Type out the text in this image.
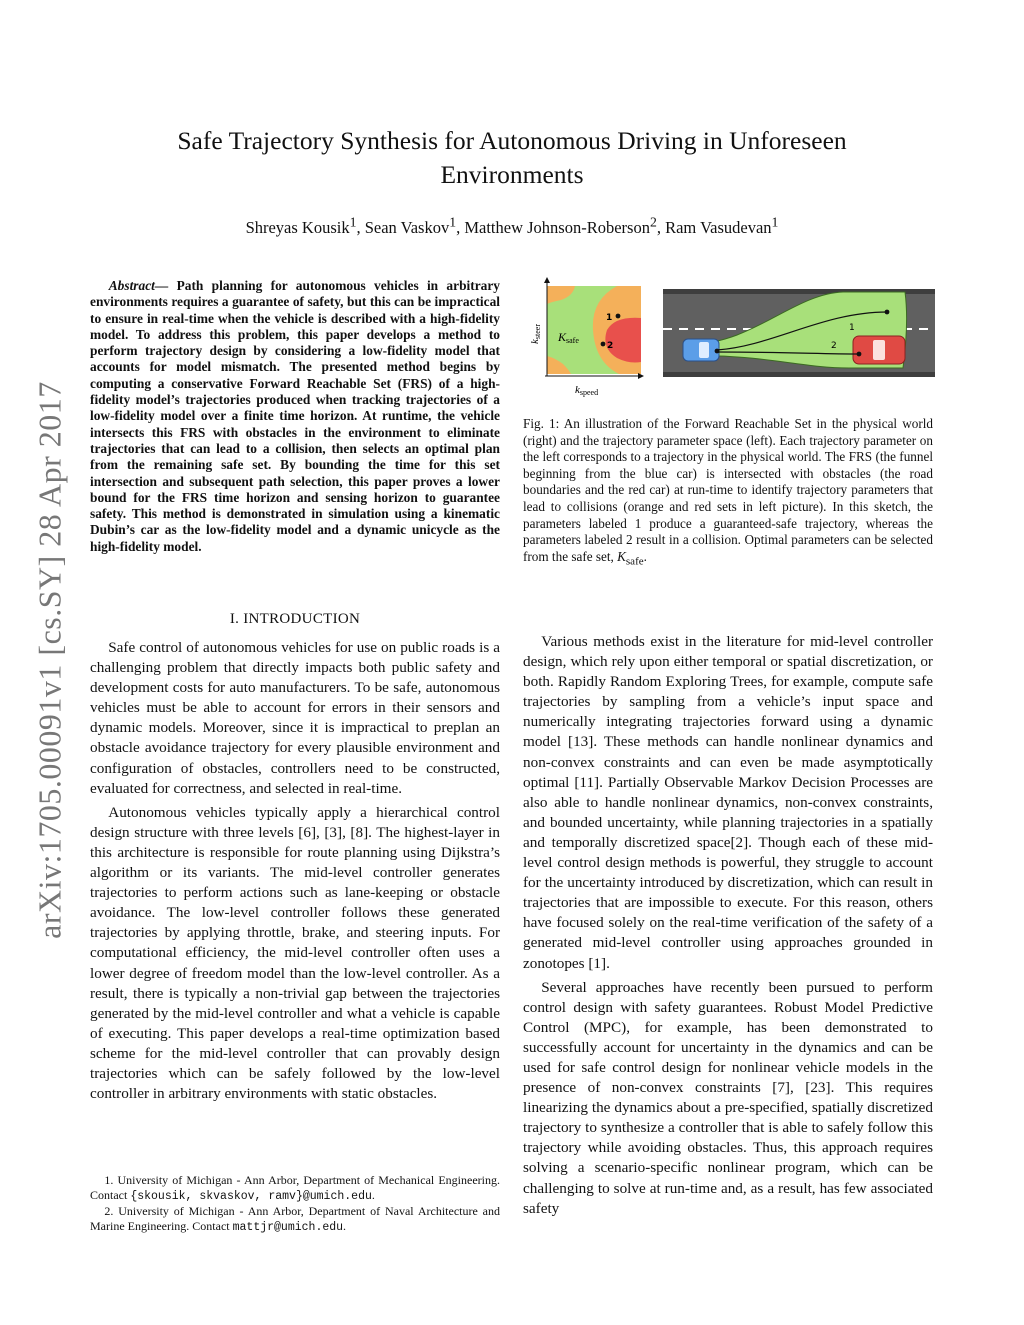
Safe Trajectory Synthesis for Autonomous Driving in Unforeseen Environments
Shreyas Kousik$^1$, Sean Vaskov$^1$, Matthew Johnson-Roberson$^2$, Ram Vasudevan$^1$
arXiv:1705.00091v1 [cs.SY] 28 Apr 2017
Abstract— Path planning for autonomous vehicles in arbitrary environments requires a guarantee of safety, but this can be impractical to ensure in real-time when the vehicle is described with a high-fidelity model. To address this problem, this paper develops a method to perform trajectory design by considering a low-fidelity model that accounts for model mismatch. The presented method begins by computing a conservative Forward Reachable Set (FRS) of a high-fidelity model’s trajectories produced when tracking trajectories of a low-fidelity model over a finite time horizon. At runtime, the vehicle intersects this FRS with obstacles in the environment to eliminate trajectories that can lead to a collision, then selects an optimal plan from the remaining safe set. By bounding the time for this set intersection and subsequent path selection, this paper proves a lower bound for the FRS time horizon and sensing horizon to guarantee safety. This method is demonstrated in simulation using a kinematic Dubin’s car as the low-fidelity model and a dynamic unicycle as the high-fidelity model.
I. INTRODUCTION

Safe control of autonomous vehicles for use on public roads is a challenging problem that directly impacts both public safety and development costs for auto manufacturers. To be safe, autonomous vehicles must be able to account for errors in their sensors and dynamic models. Moreover, since it is impractical to preplan an obstacle avoidance trajectory for every plausible environment and configuration of obstacles, controllers need to be constructed, evaluated for correctness, and selected in real-time.

Autonomous vehicles typically apply a hierarchical control design structure with three levels [6], [3], [8]. The highest-layer in this architecture is responsible for route planning using Dijkstra’s algorithm or its variants. The mid-level controller generates trajectories to perform actions such as lane-keeping or obstacle avoidance. The low-level controller follows these generated trajectories by applying throttle, brake, and steering inputs. For computational efficiency, the mid-level controller often uses a lower degree of freedom model than the low-level controller. As a result, there is typically a non-trivial gap between the trajectories generated by the mid-level controller and what a vehicle is capable of executing. This paper develops a real-time optimization based scheme for the mid-level controller that can provably design trajectories which can be safely followed by the low-level controller in arbitrary environments with static obstacles.

1. University of Michigan - Ann Arbor, Department of Mechanical Engineering. Contact {skousik, skvaskov, ramv}@umich.edu.

2. University of Michigan - Ann Arbor, Department of Naval Architecture and Marine Engineering. Contact mattjr@umich.edu.

1
2
Ksafe
ksteer
kspeed
1
2
Fig. 1: An illustration of the Forward Reachable Set in the physical world (right) and the trajectory parameter space (left). Each trajectory parameter on the left corresponds to a trajectory in the physical world. The FRS (the funnel beginning from the blue car) is intersected with obstacles (the road boundaries and the red car) at run-time to identify trajectory parameters that lead to collisions (orange and red sets in left picture). In this sketch, the parameters labeled 1 produce a guaranteed-safe trajectory, whereas the parameters labeled 2 result in a collision. Optimal parameters can be selected from the safe set, $K_{safe}$.

Various methods exist in the literature for mid-level controller design, which rely upon either temporal or spatial discretization, or both. Rapidly Random Exploring Trees, for example, compute safe trajectories by sampling from a vehicle’s input space and numerically integrating trajectories forward using a dynamic model [13]. These methods can handle nonlinear dynamics and non-convex constraints and can even be made asymptotically optimal [11]. Partially Observable Markov Decision Processes are also able to handle nonlinear dynamics, non-convex constraints, and bounded uncertainty, while planning trajectories in a spatially and temporally discretized space[2]. Though each of these mid-level control design methods is powerful, they struggle to account for the uncertainty introduced by discretization, which can result in trajectories that are impossible to execute. For this reason, others have focused solely on the real-time verification of the safety of a generated mid-level controller using approaches grounded in zonotopes [1].

Several approaches have recently been pursued to perform control design with safety guarantees. Robust Model Predictive Control (MPC), for example, has been demonstrated to successfully account for uncertainty in the dynamics and can be used for safe control design for nonlinear vehicle models in the presence of non-convex constraints [7], [23]. This requires linearizing the dynamics about a pre-specified, spatially discretized trajectory to synthesize a controller that is able to safely follow this trajectory while avoiding obstacles. Thus, this approach requires solving a scenario-specific nonlinear program, which can be challenging to solve at run-time and, as a result, has few associated safety
